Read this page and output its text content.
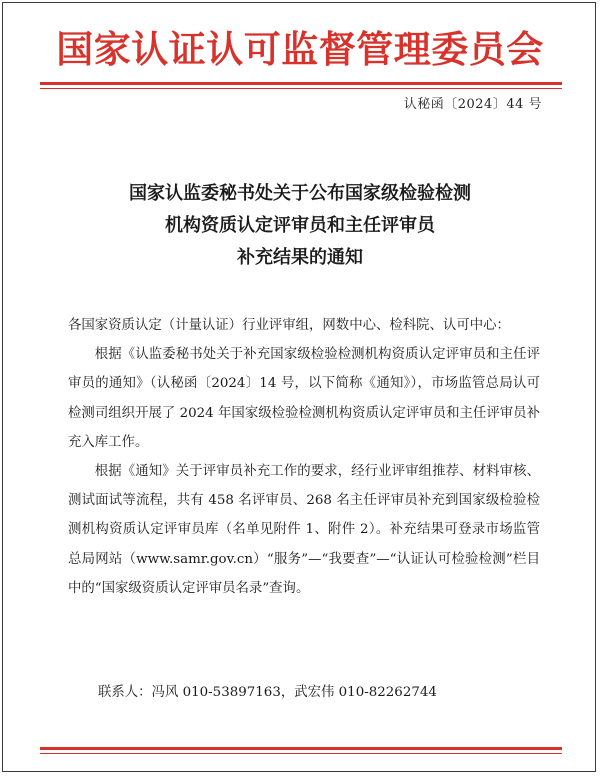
国家认证认可监督管理委员会
认秘函〔2024〕44 号
国家认监委秘书处关于公布国家级检验检测
机构资质认定评审员和主任评审员
补充结果的通知

各国家资质认定（计量认证）行业评审组，网数中心、检科院、认可中心：

根据《认监委秘书处关于补充国家级检验检测机构资质认定评审员和主任评审员的通知》（认秘函〔2024〕14 号，以下简称《通知》），市场监管总局认可检测司组织开展了 2024 年国家级检验检测机构资质认定评审员和主任评审员补充入库工作。

根据《通知》关于评审员补充工作的要求，经行业评审组推荐、材料审核、测试面试等流程，共有 458 名评审员、268 名主任评审员补充到国家级检验检测机构资质认定评审员库（名单见附件 1、附件 2）。补充结果可登录市场监管总局网站（www.samr.gov.cn）“服务”—“我要查”—“认证认可检验检测”栏目中的“国家级资质认定评审员名录”查询。

联系人：冯风 010-53897163，武宏伟 010-82262744
